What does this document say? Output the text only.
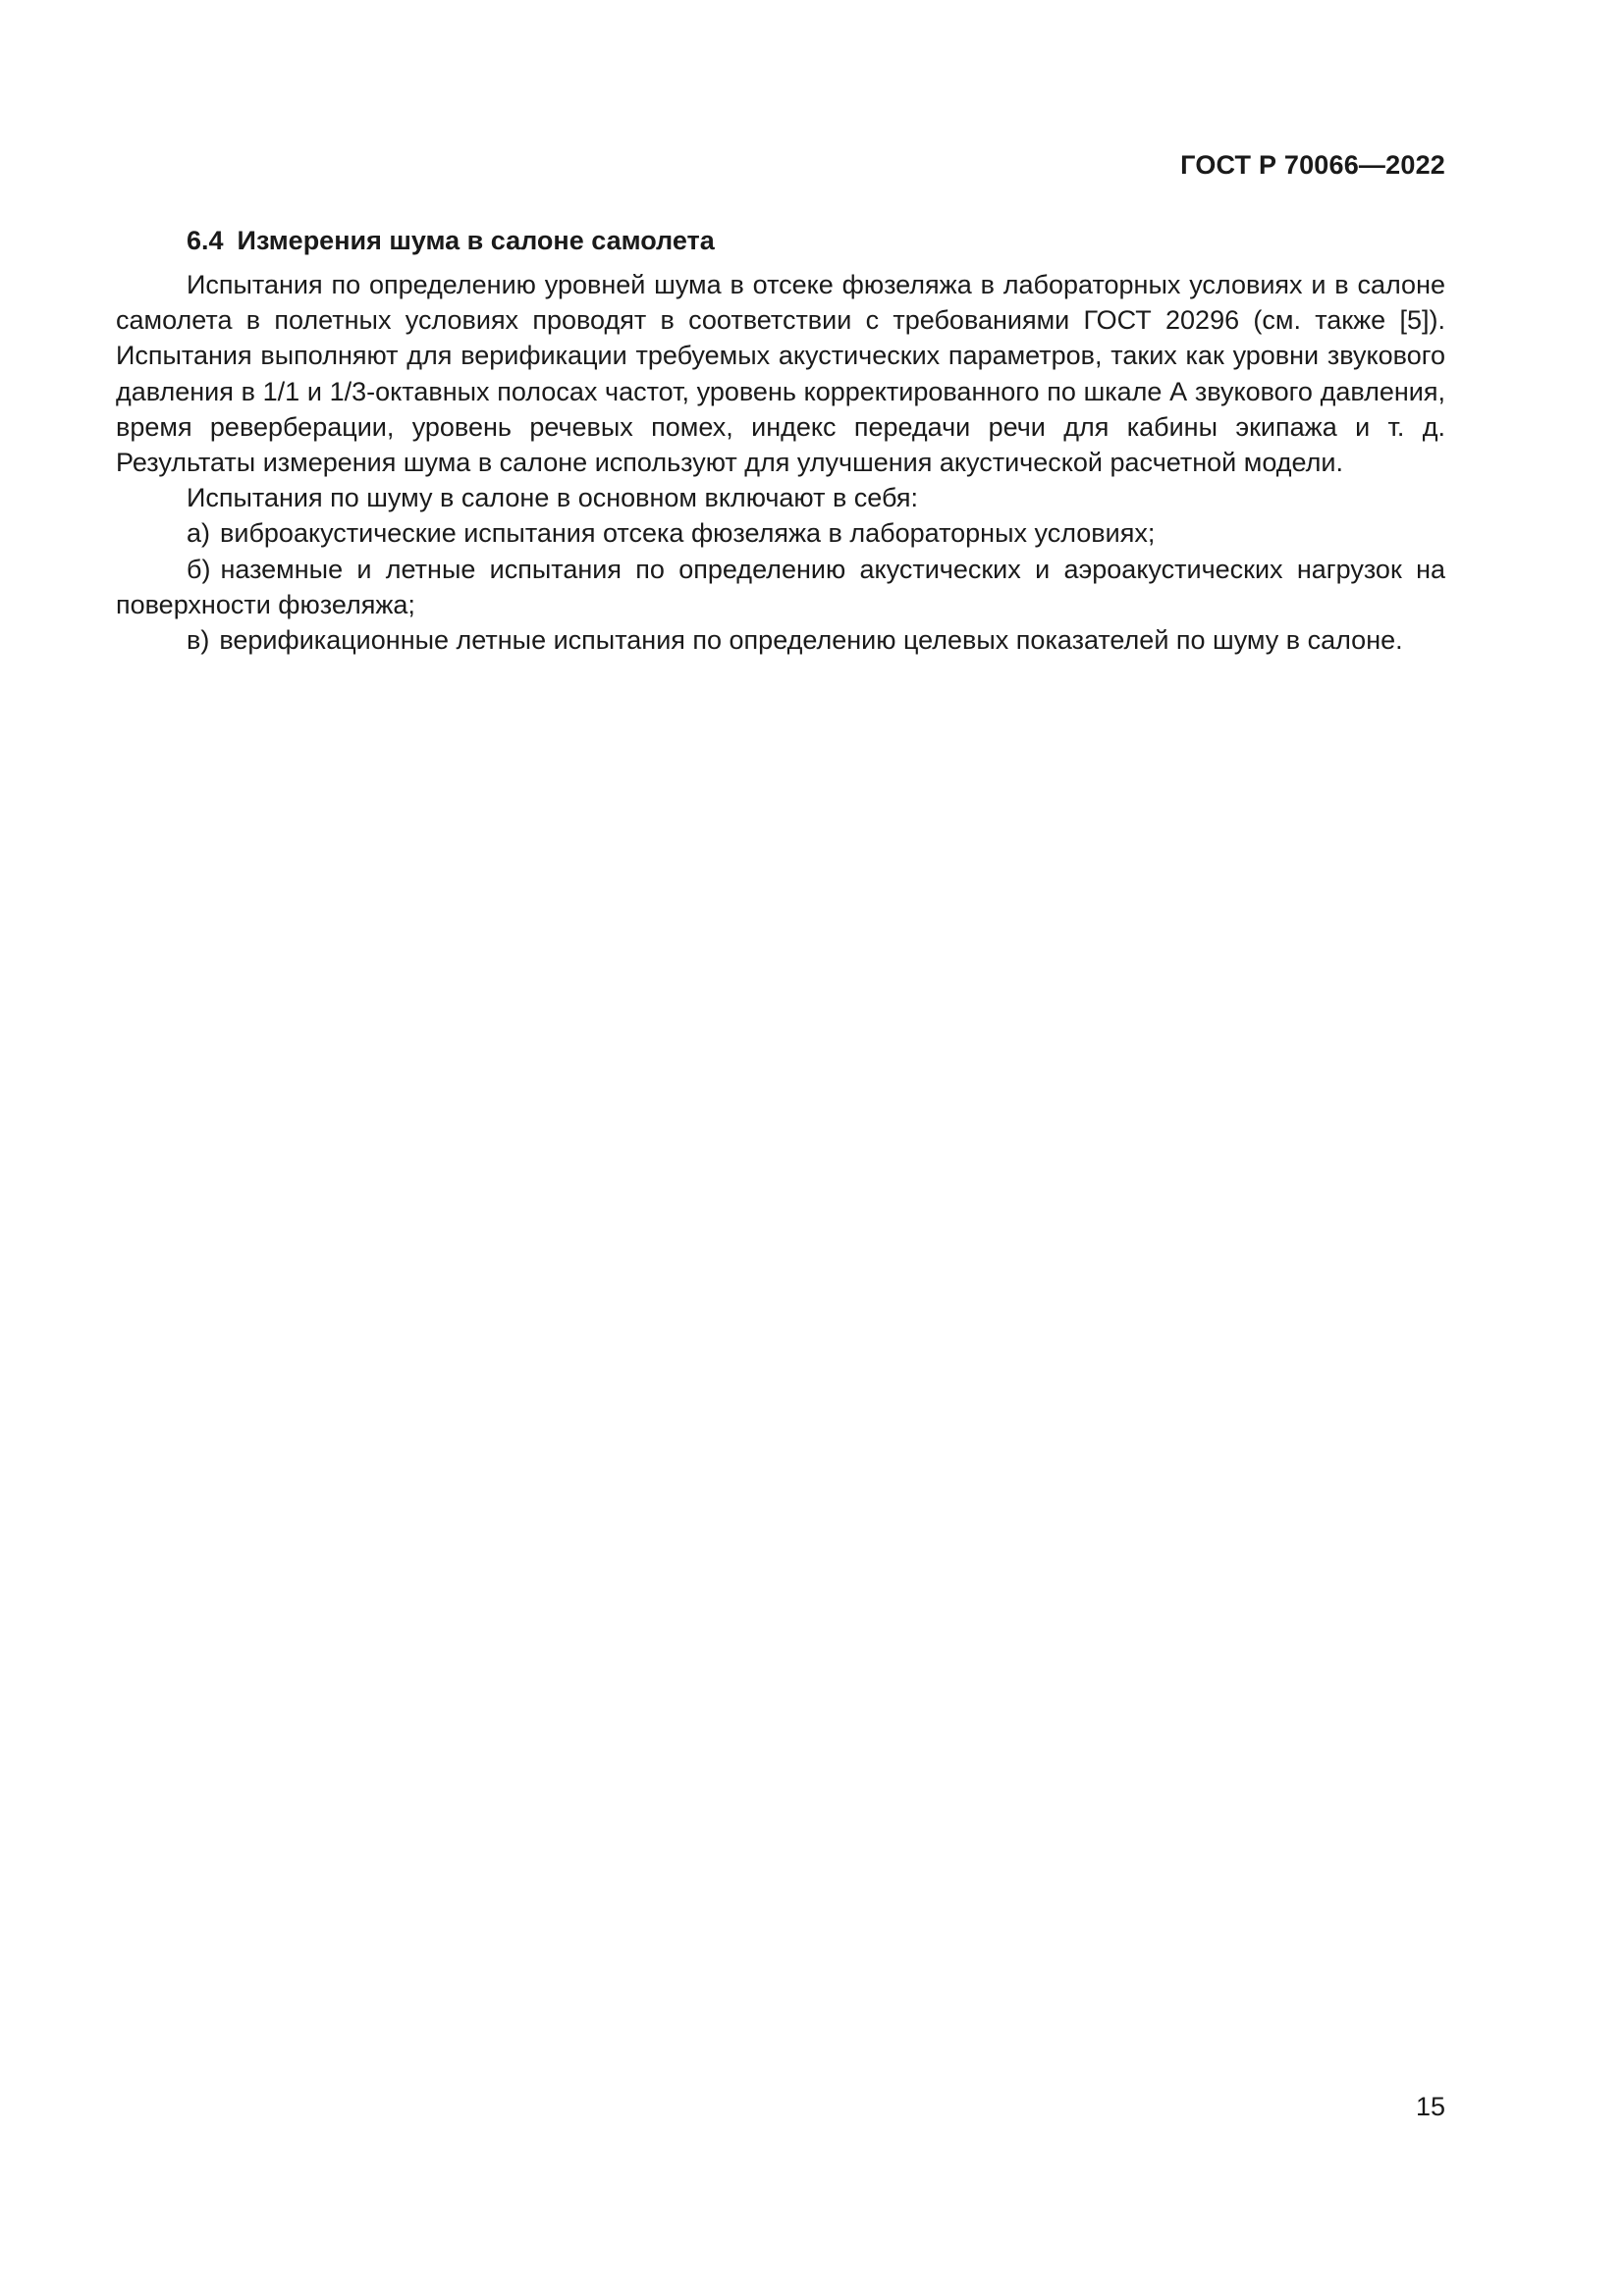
ГОСТ Р 70066—2022
6.4 Измерения шума в салоне самолета

Испытания по определению уровней шума в отсеке фюзеляжа в лабораторных условиях и в салоне самолета в полетных условиях проводят в соответствии с требованиями ГОСТ 20296 (см. также [5]). Испытания выполняют для верификации требуемых акустических параметров, таких как уровни звукового давления в 1/1 и 1/3-октавных полосах частот, уровень корректированного по шкале А звукового давления, время реверберации, уровень речевых помех, индекс передачи речи для кабины экипажа и т. д. Результаты измерения шума в салоне используют для улучшения акустической расчетной модели.

Испытания по шуму в салоне в основном включают в себя:

а) виброакустические испытания отсека фюзеляжа в лабораторных условиях;

б) наземные и летные испытания по определению акустических и аэроакустических нагрузок на поверхности фюзеляжа;

в) верификационные летные испытания по определению целевых показателей по шуму в салоне.

15
